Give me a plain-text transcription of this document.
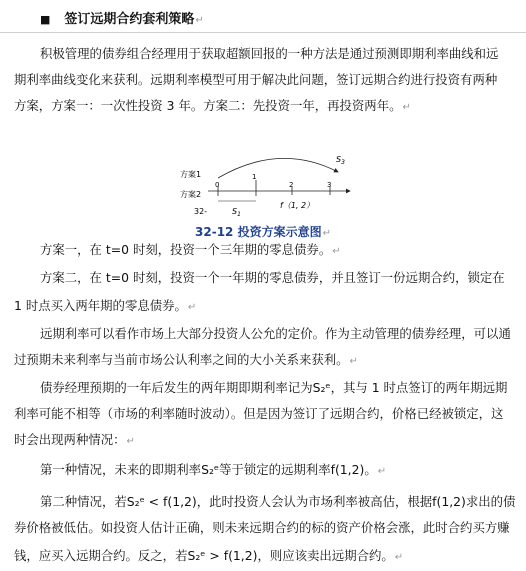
■ 签订远期合约套利策略↵
积极管理的债券组合经理用于获取超额回报的一种方法是通过预测即期利率曲线和远
期利率曲线变化来获利。远期利率模型可用于解决此问题，签订远期合约进行投资有两种
方案，方案一：一次性投资 3 年。方案二：先投资一年，再投资两年。↵
方案1
方案2
$S_3$
0
1
2	3
32-	$S_1$
f（1, 2）
32-12 投资方案示意图↵
方案一，在 t=0 时刻，投资一个三年期的零息债券。↵
方案二，在 t=0 时刻，投资一个一年期的零息债券，并且签订一份远期合约，锁定在
1 时点买入两年期的零息债券。↵
远期利率可以看作市场上大部分投资人公允的定价。作为主动管理的债券经理，可以通
过预期未来利率与当前市场公认利率之间的大小关系来获利。↵
债券经理预期的一年后发生的两年期即期利率记为S₂ᵉ，其与 1 时点签订的两年期远期
利率可能不相等（市场的利率随时波动）。但是因为签订了远期合约，价格已经被锁定，这
时会出现两种情况：↵
第一种情况，未来的即期利率S₂ᵉ等于锁定的远期利率f(1,2)。↵
第二种情况，若S₂ᵉ < f(1,2)，此时投资人会认为市场利率被高估，根据f(1,2)求出的债
券价格被低估。如投资人估计正确，则未来远期合约的标的资产价格会涨，此时合约买方赚
钱，应买入远期合约。反之，若S₂ᵉ > f(1,2)，则应该卖出远期合约。↵
